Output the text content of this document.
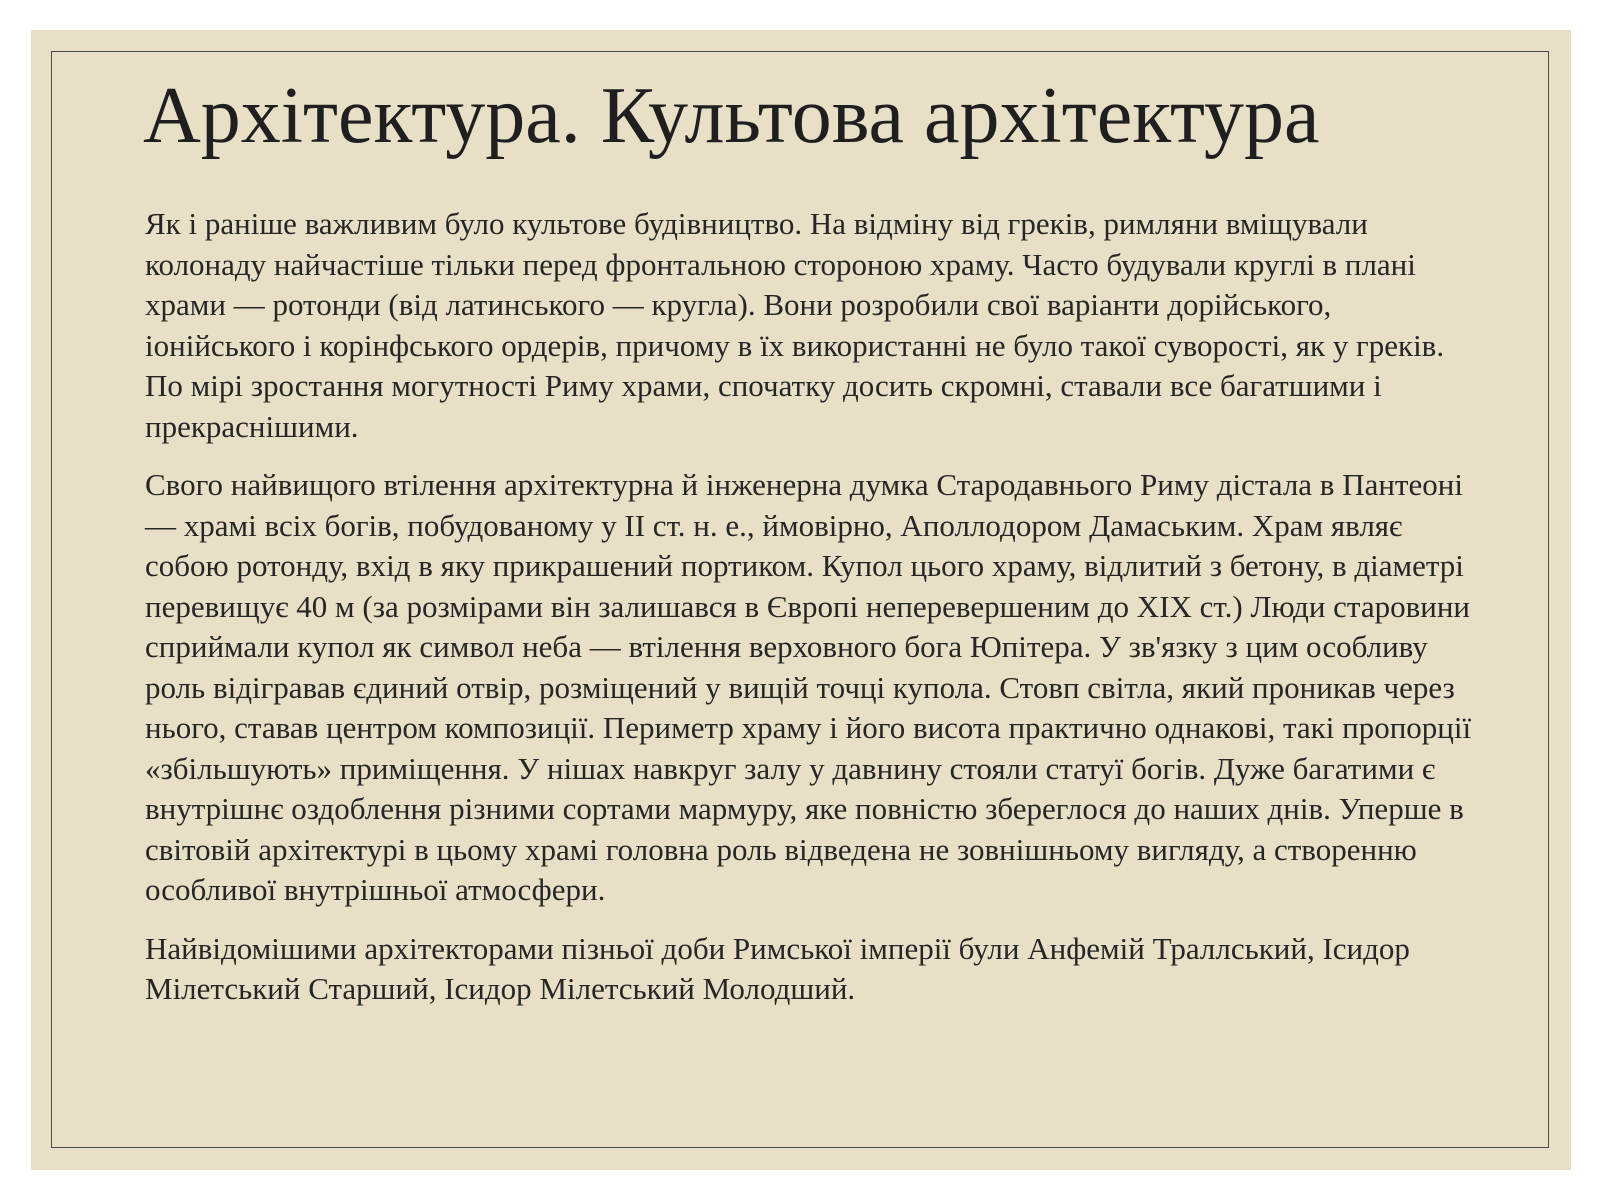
Архітектура. Культова архітектура

Як і раніше важливим було культове будівництво. На відміну від греків, римляни вміщували колонаду найчастіше тільки перед фронтальною стороною храму. Часто будували круглі в плані храми — ротонди (від латинського — кругла). Вони розробили свої варіанти дорійського, іонійського і корінфського ордерів, причому в їх використанні не було такої суворості, як у греків. По мірі зростання могутності Риму храми, спочатку досить скромні, ставали все багатшими і прекраснішими.

Свого найвищого втілення архітектурна й інженерна думка Стародавнього Риму дістала в Пантеоні — храмі всіх богів, побудованому у II ст. н. е., ймовірно, Аполлодором Дамаським. Храм являє собою ротонду, вхід в яку прикрашений портиком. Купол цього храму, відлитий з бетону, в діаметрі перевищує 40 м (за розмірами він залишався в Європі неперевершеним до XIX ст.) Люди старовини сприймали купол як символ неба — втілення верховного бога Юпітера. У зв'язку з цим особливу роль відігравав єдиний отвір, розміщений у вищій точці купола. Стовп світла, який проникав через нього, ставав центром композиції. Периметр храму і його висота практично однакові, такі пропорції «збільшують» приміщення. У нішах навкруг залу у давнину стояли статуї богів. Дуже багатими є внутрішнє оздоблення різними сортами мармуру, яке повністю збереглося до наших днів. Уперше в світовій архітектурі в цьому храмі головна роль відведена не зовнішньому вигляду, а створенню особливої внутрішньої атмосфери.

Найвідомішими архітекторами пізньої доби Римської імперії були Анфемій Траллський, Ісидор Мілетський Старший, Ісидор Мілетський Молодший.
